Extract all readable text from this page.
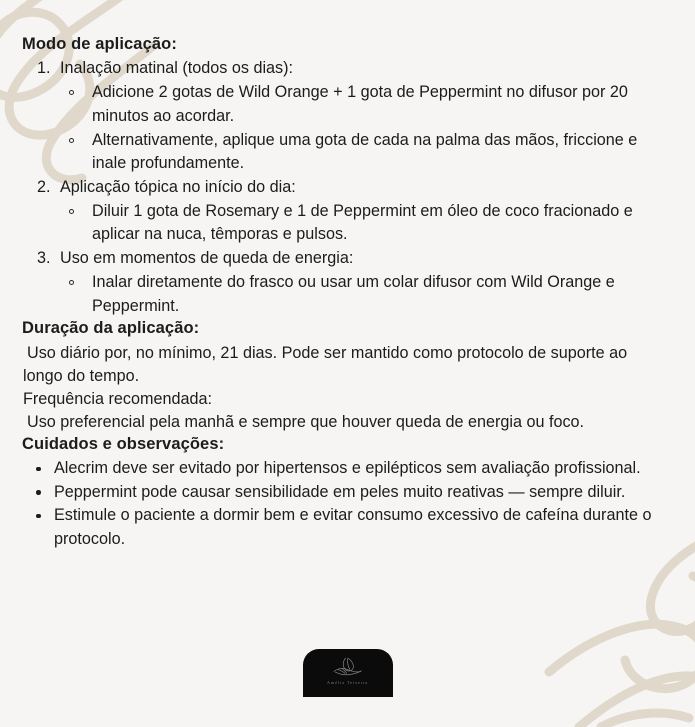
Modo de aplicação:
1. Inalação matinal (todos os dias):
Adicione 2 gotas de Wild Orange + 1 gota de Peppermint no difusor por 20 minutos ao acordar.
Alternativamente, aplique uma gota de cada na palma das mãos, friccione e inale profundamente.
2. Aplicação tópica no início do dia:
Diluir 1 gota de Rosemary e 1 de Peppermint em óleo de coco fracionado e aplicar na nuca, têmporas e pulsos.
3. Uso em momentos de queda de energia:
Inalar diretamente do frasco ou usar um colar difusor com Wild Orange e Peppermint.
Duração da aplicação:

Uso diário por, no mínimo, 21 dias. Pode ser mantido como protocolo de suporte ao longo do tempo.

Frequência recomendada:

Uso preferencial pela manhã e sempre que houver queda de energia ou foco.

Cuidados e observações:
Alecrim deve ser evitado por hipertensos e epilépticos sem avaliação profissional.
Peppermint pode causar sensibilidade em peles muito reativas — sempre diluir.
Estimule o paciente a dormir bem e evitar consumo excessivo de cafeína durante o protocolo.
Amélia Teixeira
